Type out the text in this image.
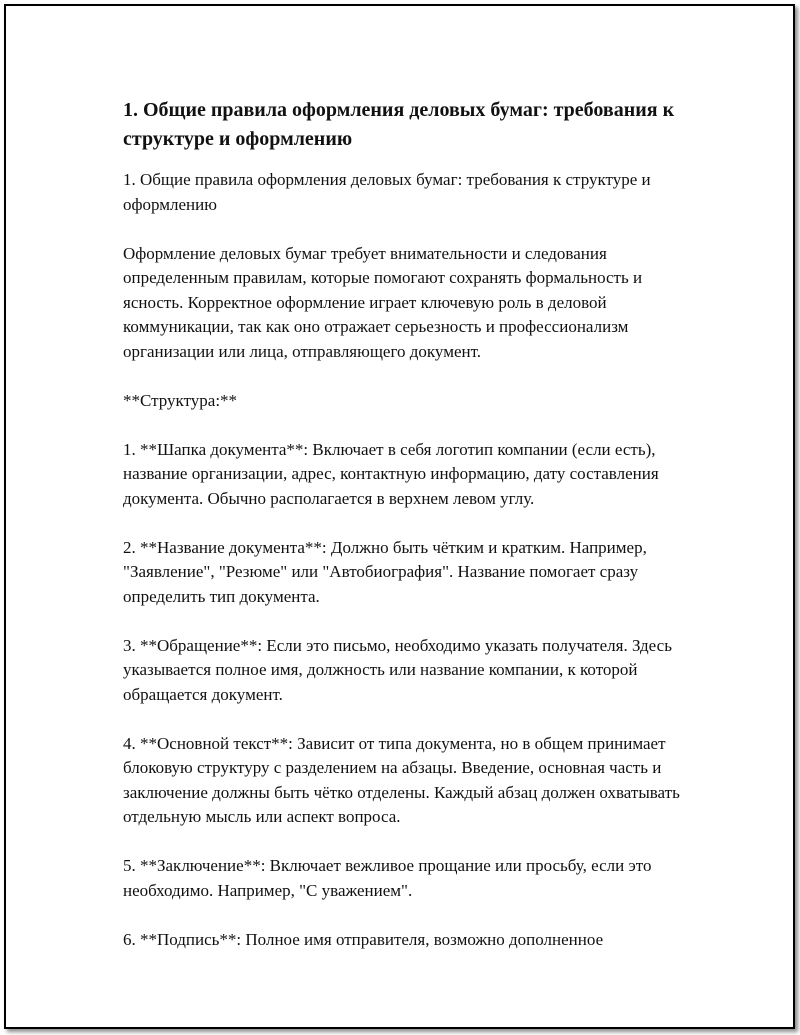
1. Общие правила оформления деловых бумаг: требования к структуре и оформлению

1. Общие правила оформления деловых бумаг: требования к структуре и оформлению

Оформление деловых бумаг требует внимательности и следования определенным правилам, которые помогают сохранять формальность и ясность. Корректное оформление играет ключевую роль в деловой коммуникации, так как оно отражает серьезность и профессионализм организации или лица, отправляющего документ.

**Структура:**

1. **Шапка документа**: Включает в себя логотип компании (если есть), название организации, адрес, контактную информацию, дату составления документа. Обычно располагается в верхнем левом углу.

2. **Название документа**: Должно быть чётким и кратким. Например, "Заявление", "Резюме" или "Автобиография". Название помогает сразу определить тип документа.

3. **Обращение**: Если это письмо, необходимо указать получателя. Здесь указывается полное имя, должность или название компании, к которой обращается документ.

4. **Основной текст**: Зависит от типа документа, но в общем принимает блоковую структуру с разделением на абзацы. Введение, основная часть и заключение должны быть чётко отделены. Каждый абзац должен охватывать отдельную мысль или аспект вопроса.

5. **Заключение**: Включает вежливое прощание или просьбу, если это необходимо. Например, "С уважением".

6. **Подпись**: Полное имя отправителя, возможно дополненное
